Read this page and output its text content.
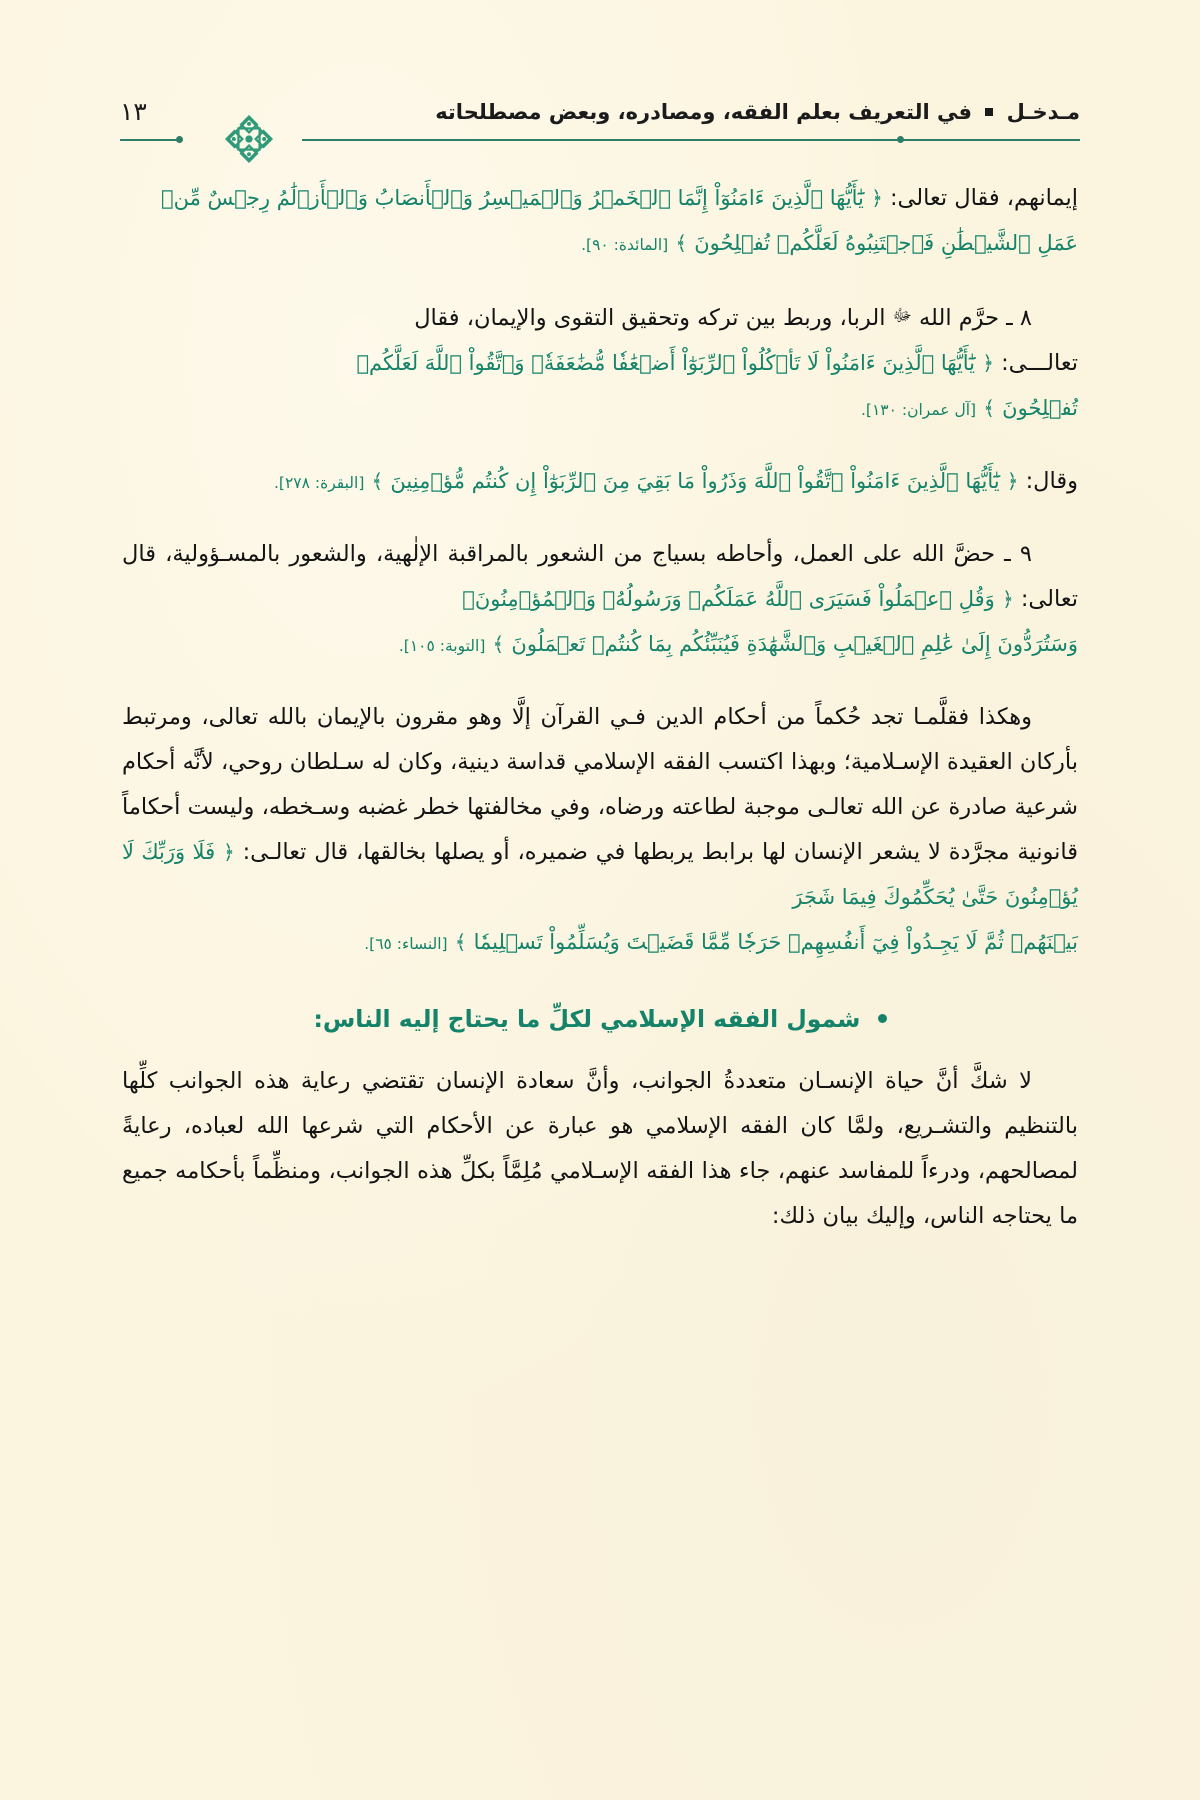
مـدخـل  في التعريف بعلم الفقه، ومصادره، وبعض مصطلحاته
١٣

إيمانهم، فقال تعالى: ﴿ يَٰٓأَيُّهَا ٱلَّذِينَ ءَامَنُوٓاْ إِنَّمَا ٱلۡخَمۡرُ وَٱلۡمَيۡسِرُ وَٱلۡأَنصَابُ وَٱلۡأَزۡلَٰمُ رِجۡسٌ مِّنۡ

عَمَلِ ٱلشَّيۡطَٰنِ فَٱجۡتَنِبُوهُ لَعَلَّكُمۡ تُفۡلِحُونَ ﴾ [المائدة: ٩٠].

٨ ـ حرَّم الله ﷻ الربا، وربط بين تركه وتحقيق التقوى والإيمان، فقال

تعالـــى: ﴿ يَٰٓأَيُّهَا ٱلَّذِينَ ءَامَنُواْ لَا تَأۡكُلُواْ ٱلرِّبَوٰٓاْ أَضۡعَٰفٗا مُّضَٰعَفَةٗۖ وَٱتَّقُواْ ٱللَّهَ لَعَلَّكُمۡ

تُفۡلِحُونَ ﴾ [آل عمران: ١٣٠].

وقال: ﴿ يَٰٓأَيُّهَا ٱلَّذِينَ ءَامَنُواْ ٱتَّقُواْ ٱللَّهَ وَذَرُواْ مَا بَقِيَ مِنَ ٱلرِّبَوٰٓاْ إِن كُنتُم مُّؤۡمِنِينَ ﴾ [البقرة: ٢٧٨].

٩ ـ حضَّ الله على العمل، وأحاطه بسياج من الشعور بالمراقبة الإلٰهية، والشعور بالمسـؤولية، قال تعالى: ﴿ وَقُلِ ٱعۡمَلُواْ فَسَيَرَى ٱللَّهُ عَمَلَكُمۡ وَرَسُولُهُۥ وَٱلۡمُؤۡمِنُونَۖ

وَسَتُرَدُّونَ إِلَىٰ عَٰلِمِ ٱلۡغَيۡبِ وَٱلشَّهَٰدَةِ فَيُنَبِّئُكُم بِمَا كُنتُمۡ تَعۡمَلُونَ ﴾ [التوبة: ١٠٥].

وهكذا فقلَّمـا تجد حُكماً من أحكام الدين فـي القرآن إلَّا وهو مقرون بالإيمان بالله تعالى، ومرتبط بأركان العقيدة الإسـلامية؛ وبهذا اكتسب الفقه الإسلامي قداسة دينية، وكان له سـلطان روحي، لأنَّه أحكام شرعية صادرة عن الله تعالـى موجبة لطاعته ورضاه، وفي مخالفتها خطر غضبه وسـخطه، وليست أحكاماً قانونية مجرَّدة لا يشعر الإنسان لها برابط يربطها في ضميره، أو يصلها بخالقها، قال تعالـى: ﴿ فَلَا وَرَبِّكَ لَا يُؤۡمِنُونَ حَتَّىٰ يُحَكِّمُوكَ فِيمَا شَجَرَ

بَيۡنَهُمۡ ثُمَّ لَا يَجِـدُواْ فِيٓ أَنفُسِهِمۡ حَرَجٗا مِّمَّا قَضَيۡتَ وَيُسَلِّمُواْ تَسۡلِيمٗا ﴾ [النساء: ٦٥].

شمول الفقه الإسلامي لكلِّ ما يحتاج إليه الناس:

لا شكَّ أنَّ حياة الإنسـان متعددةُ الجوانب، وأنَّ سعادة الإنسان تقتضي رعاية هذه الجوانب كلِّها بالتنظيم والتشـريع، ولمَّا كان الفقه الإسلامي هو عبارة عن الأحكام التي شرعها الله لعباده، رعايةً لمصالحهم، ودرءاً للمفاسد عنهم، جاء هذا الفقه الإسـلامي مُلِمَّاً بكلِّ هذه الجوانب، ومنظِّماً بأحكامه جميع ما يحتاجه الناس، وإليك بيان ذلك:
